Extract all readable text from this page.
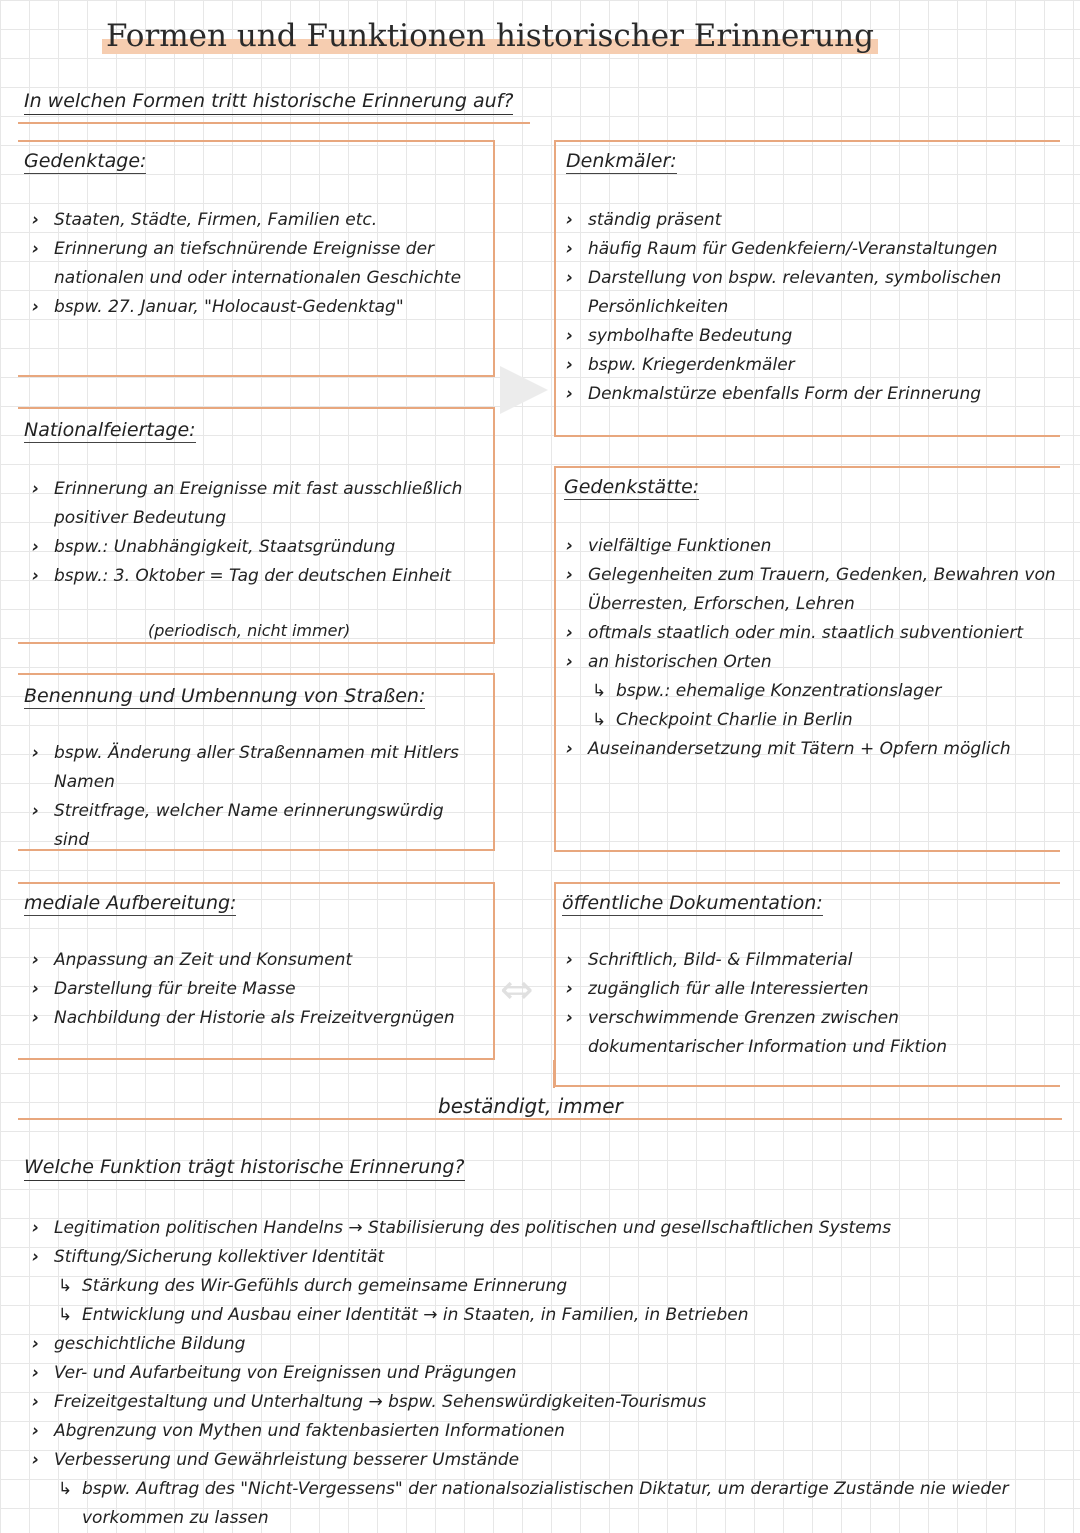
Formen und Funktionen historischer Erinnerung
In welchen Formen tritt historische Erinnerung auf?
Gedenktage:
› Staaten, Städte, Firmen, Familien etc.
› Erinnerung an tiefschnürende Ereignisse der nationalen und oder internationalen Geschichte
› bspw. 27. Januar, "Holocaust-Gedenktag"
Nationalfeiertage:
› Erinnerung an Ereignisse mit fast ausschließlich positiver Bedeutung
› bspw.: Unabhängigkeit, Staatsgründung
› bspw.: 3. Oktober = Tag der deutschen Einheit
(periodisch, nicht immer)
Benennung und Umbennung von Straßen:
› bspw. Änderung aller Straßennamen mit Hitlers Namen
› Streitfrage, welcher Name erinnerungswürdig sind
mediale Aufbereitung:
› Anpassung an Zeit und Konsument
› Darstellung für breite Masse
› Nachbildung der Historie als Freizeitvergnügen
Denkmäler:
› ständig präsent
› häufig Raum für Gedenkfeiern/-Veranstaltungen
› Darstellung von bspw. relevanten, symbolischen Persönlichkeiten
› symbolhafte Bedeutung
› bspw. Kriegerdenkmäler
› Denkmalstürze ebenfalls Form der Erinnerung
Gedenkstätte:
› vielfältige Funktionen
› Gelegenheiten zum Trauern, Gedenken, Bewahren von Überresten, Erforschen, Lehren
› oftmals staatlich oder min. staatlich subventioniert
› an historischen Orten
↳ bspw.: ehemalige Konzentrationslager
↳ Checkpoint Charlie in Berlin
› Auseinandersetzung mit Tätern + Opfern möglich
öffentliche Dokumentation:
› Schriftlich, Bild- & Filmmaterial
› zugänglich für alle Interessierten
› verschwimmende Grenzen zwischen dokumentarischer Information und Fiktion
⇔
beständigt, immer
Welche Funktion trägt historische Erinnerung?
› Legitimation politischen Handelns → Stabilisierung des politischen und gesellschaftlichen Systems
› Stiftung/Sicherung kollektiver Identität
↳ Stärkung des Wir-Gefühls durch gemeinsame Erinnerung
↳ Entwicklung und Ausbau einer Identität → in Staaten, in Familien, in Betrieben
› geschichtliche Bildung
› Ver- und Aufarbeitung von Ereignissen und Prägungen
› Freizeitgestaltung und Unterhaltung → bspw. Sehenswürdigkeiten-Tourismus
› Abgrenzung von Mythen und faktenbasierten Informationen
› Verbesserung und Gewährleistung besserer Umstände
↳ bspw. Auftrag des "Nicht-Vergessens" der nationalsozialistischen Diktatur, um derartige Zustände nie wieder vorkommen zu lassen
